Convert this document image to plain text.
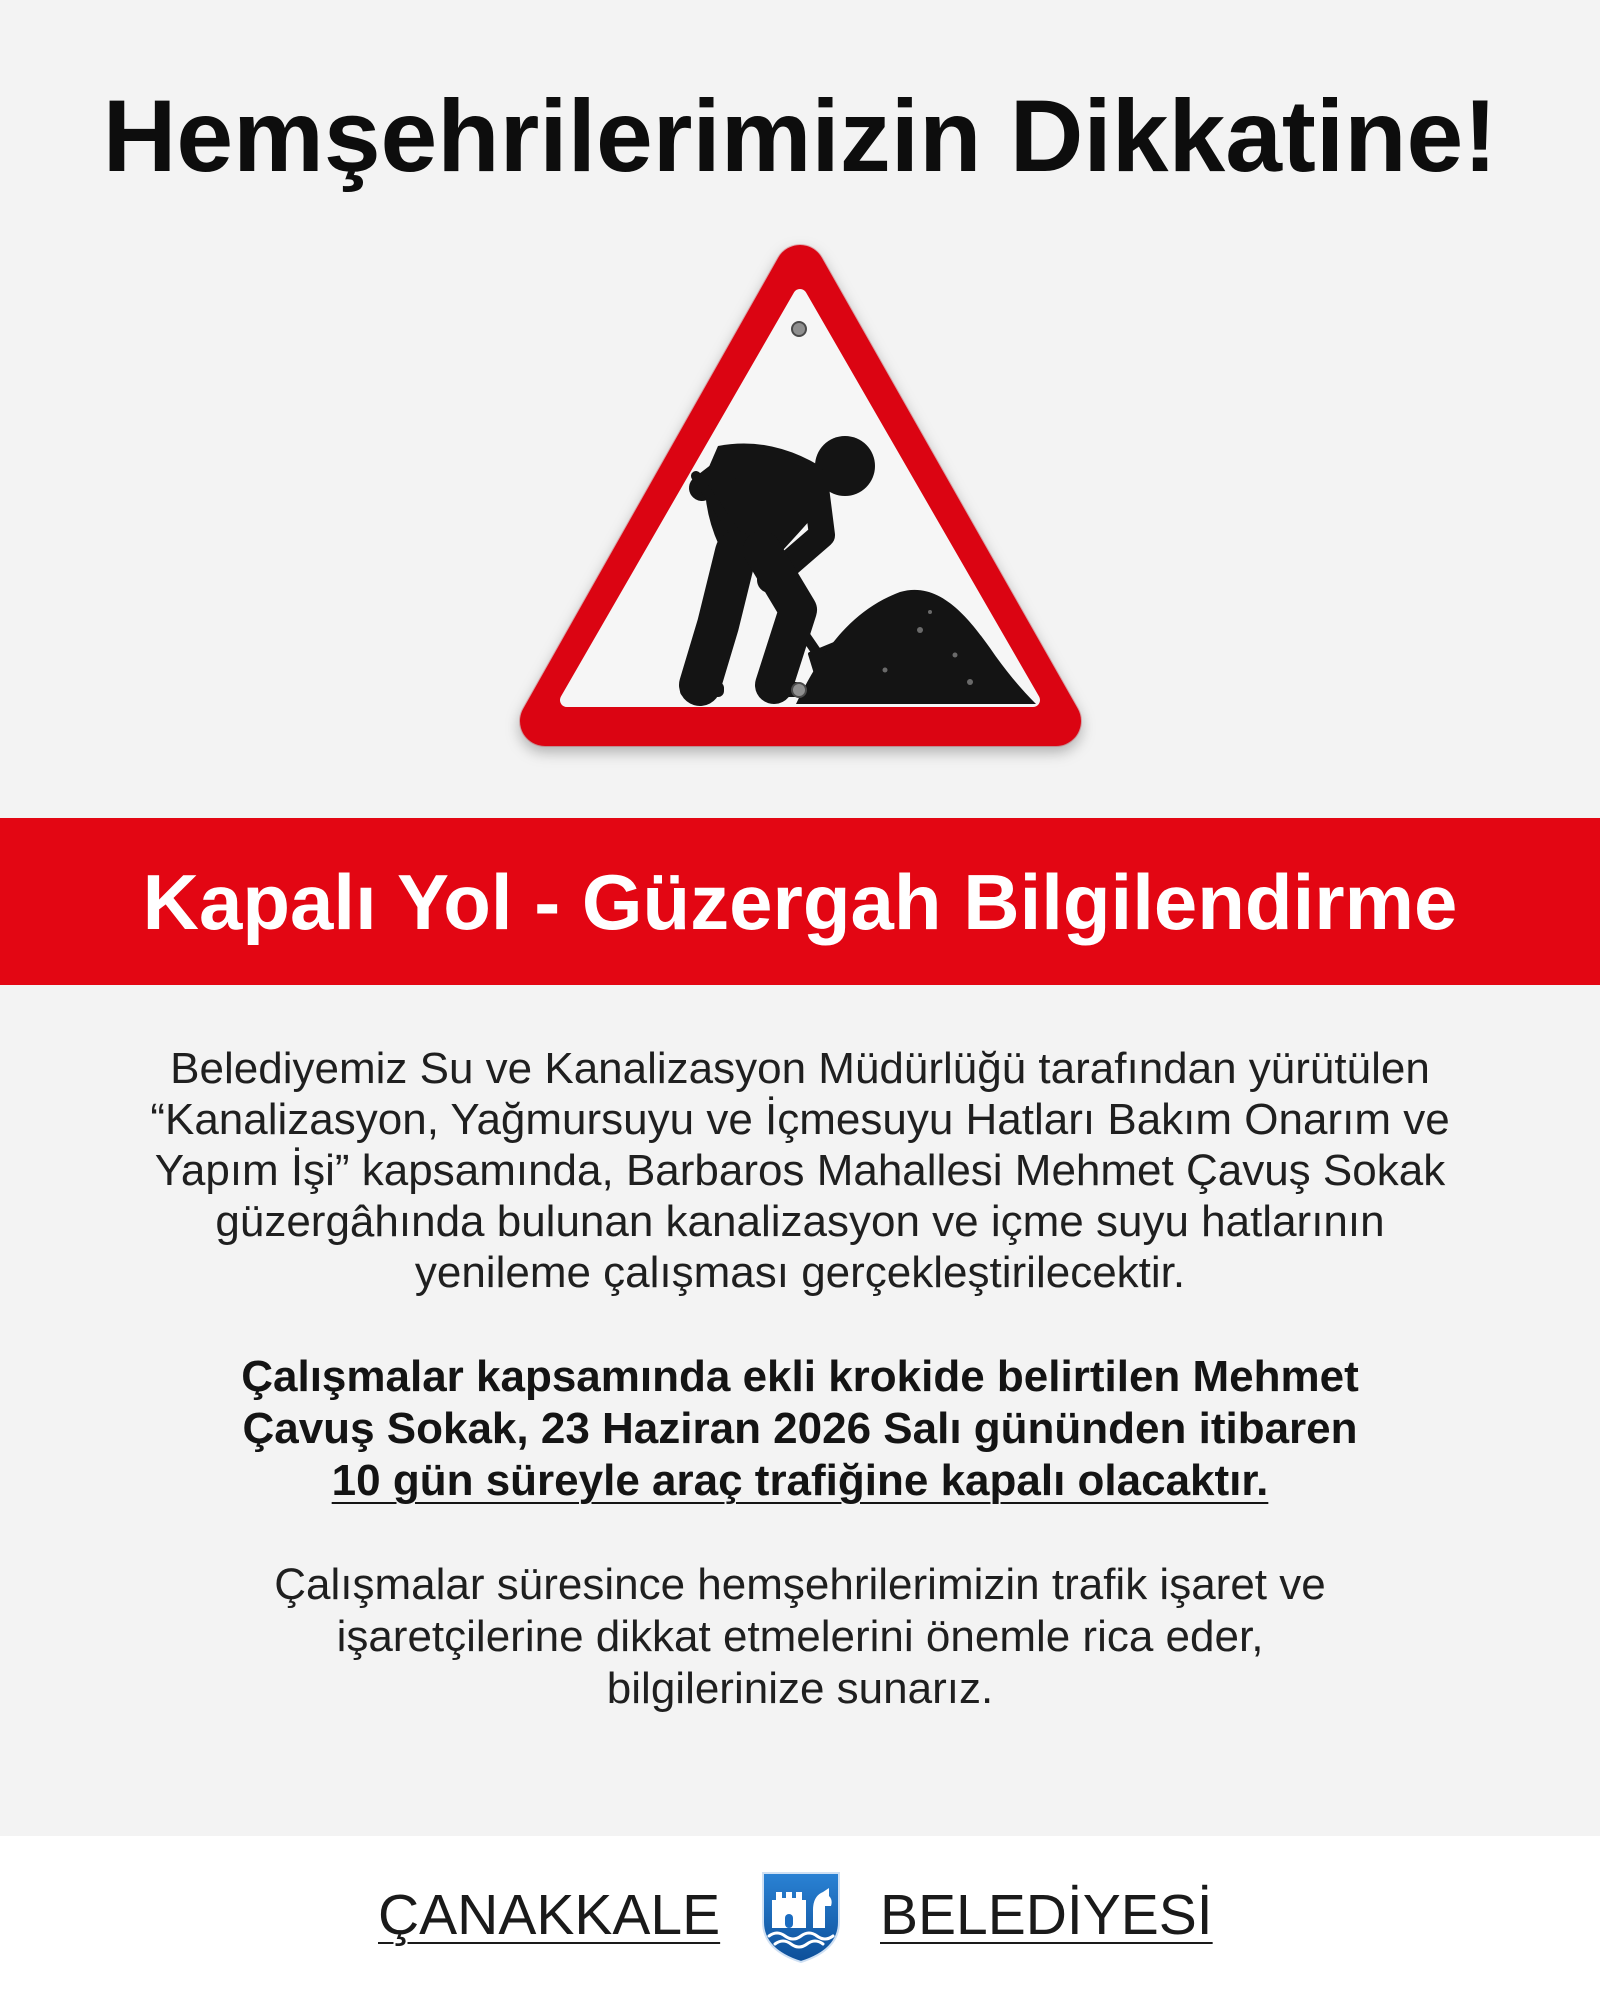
Hemşehrilerimizin Dikkatine!
Kapalı Yol - Güzergah Bilgilendirme
Belediyemiz Su ve Kanalizasyon Müdürlüğü tarafından yürütülen
“Kanalizasyon, Yağmursuyu ve İçmesuyu Hatları Bakım Onarım ve
Yapım İşi” kapsamında, Barbaros Mahallesi Mehmet Çavuş Sokak
güzergâhında bulunan kanalizasyon ve içme suyu hatlarının
yenileme çalışması gerçekleştirilecektir.
Çalışmalar kapsamında ekli krokide belirtilen Mehmet
Çavuş Sokak, 23 Haziran 2026 Salı gününden itibaren
10 gün süreyle araç trafiğine kapalı olacaktır.
Çalışmalar süresince hemşehrilerimizin trafik işaret ve
işaretçilerine dikkat etmelerini önemle rica eder,
bilgilerinize sunarız.
ÇANAKKALE	BELEDİYESİ
